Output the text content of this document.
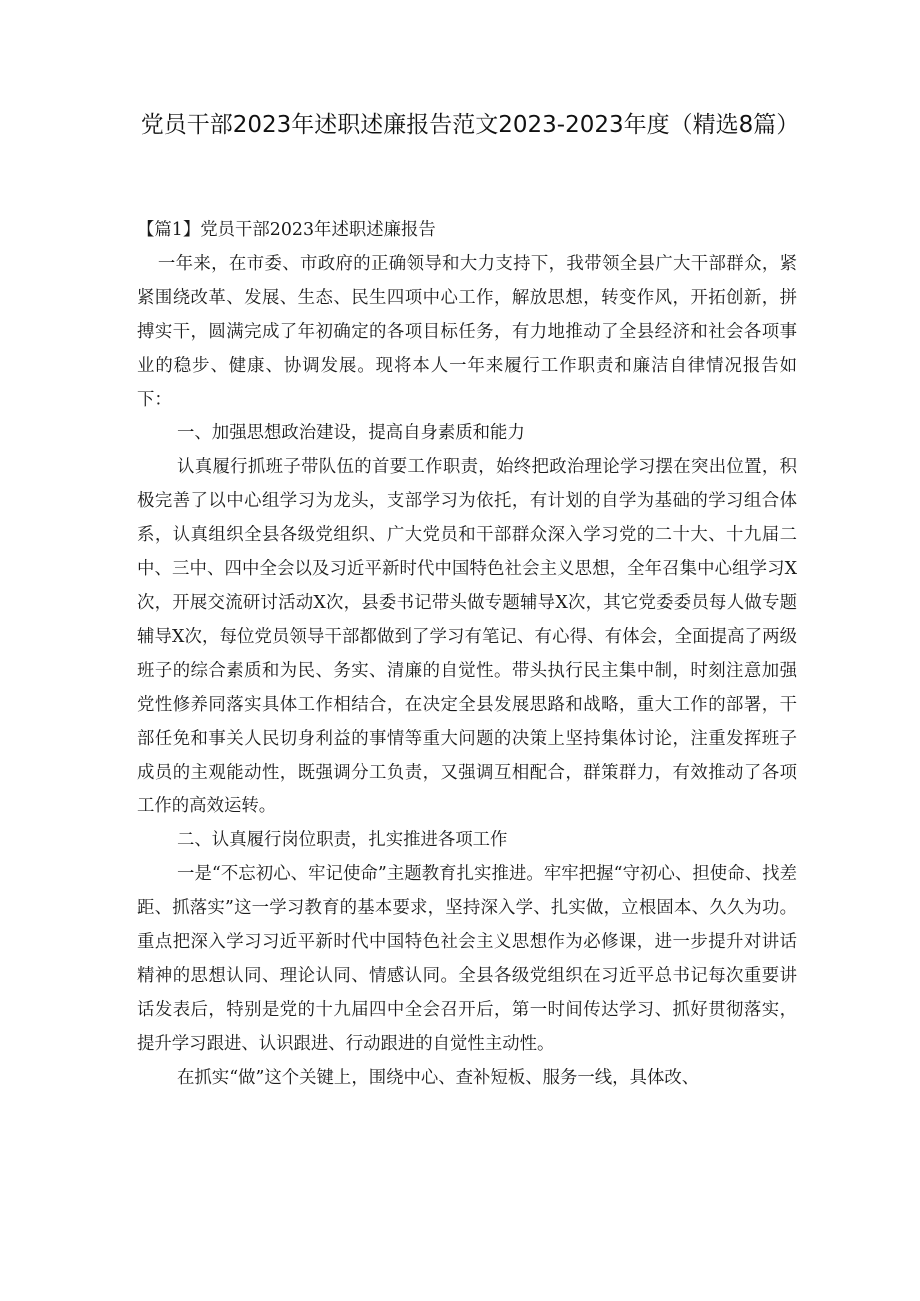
党员干部2023年述职述廉报告范文2023-2023年度（精选8篇）

【篇1】党员干部2023年述职述廉报告

一年来，在市委、市政府的正确领导和大力支持下，我带领全县广大干部群众，紧紧围绕改革、发展、生态、民生四项中心工作，解放思想，转变作风，开拓创新，拼搏实干，圆满完成了年初确定的各项目标任务，有力地推动了全县经济和社会各项事业的稳步、健康、协调发展。现将本人一年来履行工作职责和廉洁自律情况报告如下：

一、加强思想政治建设，提高自身素质和能力

认真履行抓班子带队伍的首要工作职责，始终把政治理论学习摆在突出位置，积极完善了以中心组学习为龙头，支部学习为依托，有计划的自学为基础的学习组合体系，认真组织全县各级党组织、广大党员和干部群众深入学习党的二十大、十九届二中、三中、四中全会以及习近平新时代中国特色社会主义思想，全年召集中心组学习X次，开展交流研讨活动X次，县委书记带头做专题辅导X次，其它党委委员每人做专题辅导X次，每位党员领导干部都做到了学习有笔记、有心得、有体会，全面提高了两级班子的综合素质和为民、务实、清廉的自觉性。带头执行民主集中制，时刻注意加强党性修养同落实具体工作相结合，在决定全县发展思路和战略，重大工作的部署，干部任免和事关人民切身利益的事情等重大问题的决策上坚持集体讨论，注重发挥班子成员的主观能动性，既强调分工负责，又强调互相配合，群策群力，有效推动了各项工作的高效运转。

二、认真履行岗位职责，扎实推进各项工作

一是“不忘初心、牢记使命”主题教育扎实推进。牢牢把握“守初心、担使命、找差距、抓落实”这一学习教育的基本要求，坚持深入学、扎实做，立根固本、久久为功。重点把深入学习习近平新时代中国特色社会主义思想作为必修课，进一步提升对讲话精神的思想认同、理论认同、情感认同。全县各级党组织在习近平总书记每次重要讲话发表后，特别是党的十九届四中全会召开后，第一时间传达学习、抓好贯彻落实，提升学习跟进、认识跟进、行动跟进的自觉性主动性。

在抓实“做”这个关键上，围绕中心、查补短板、服务一线，具体改、
